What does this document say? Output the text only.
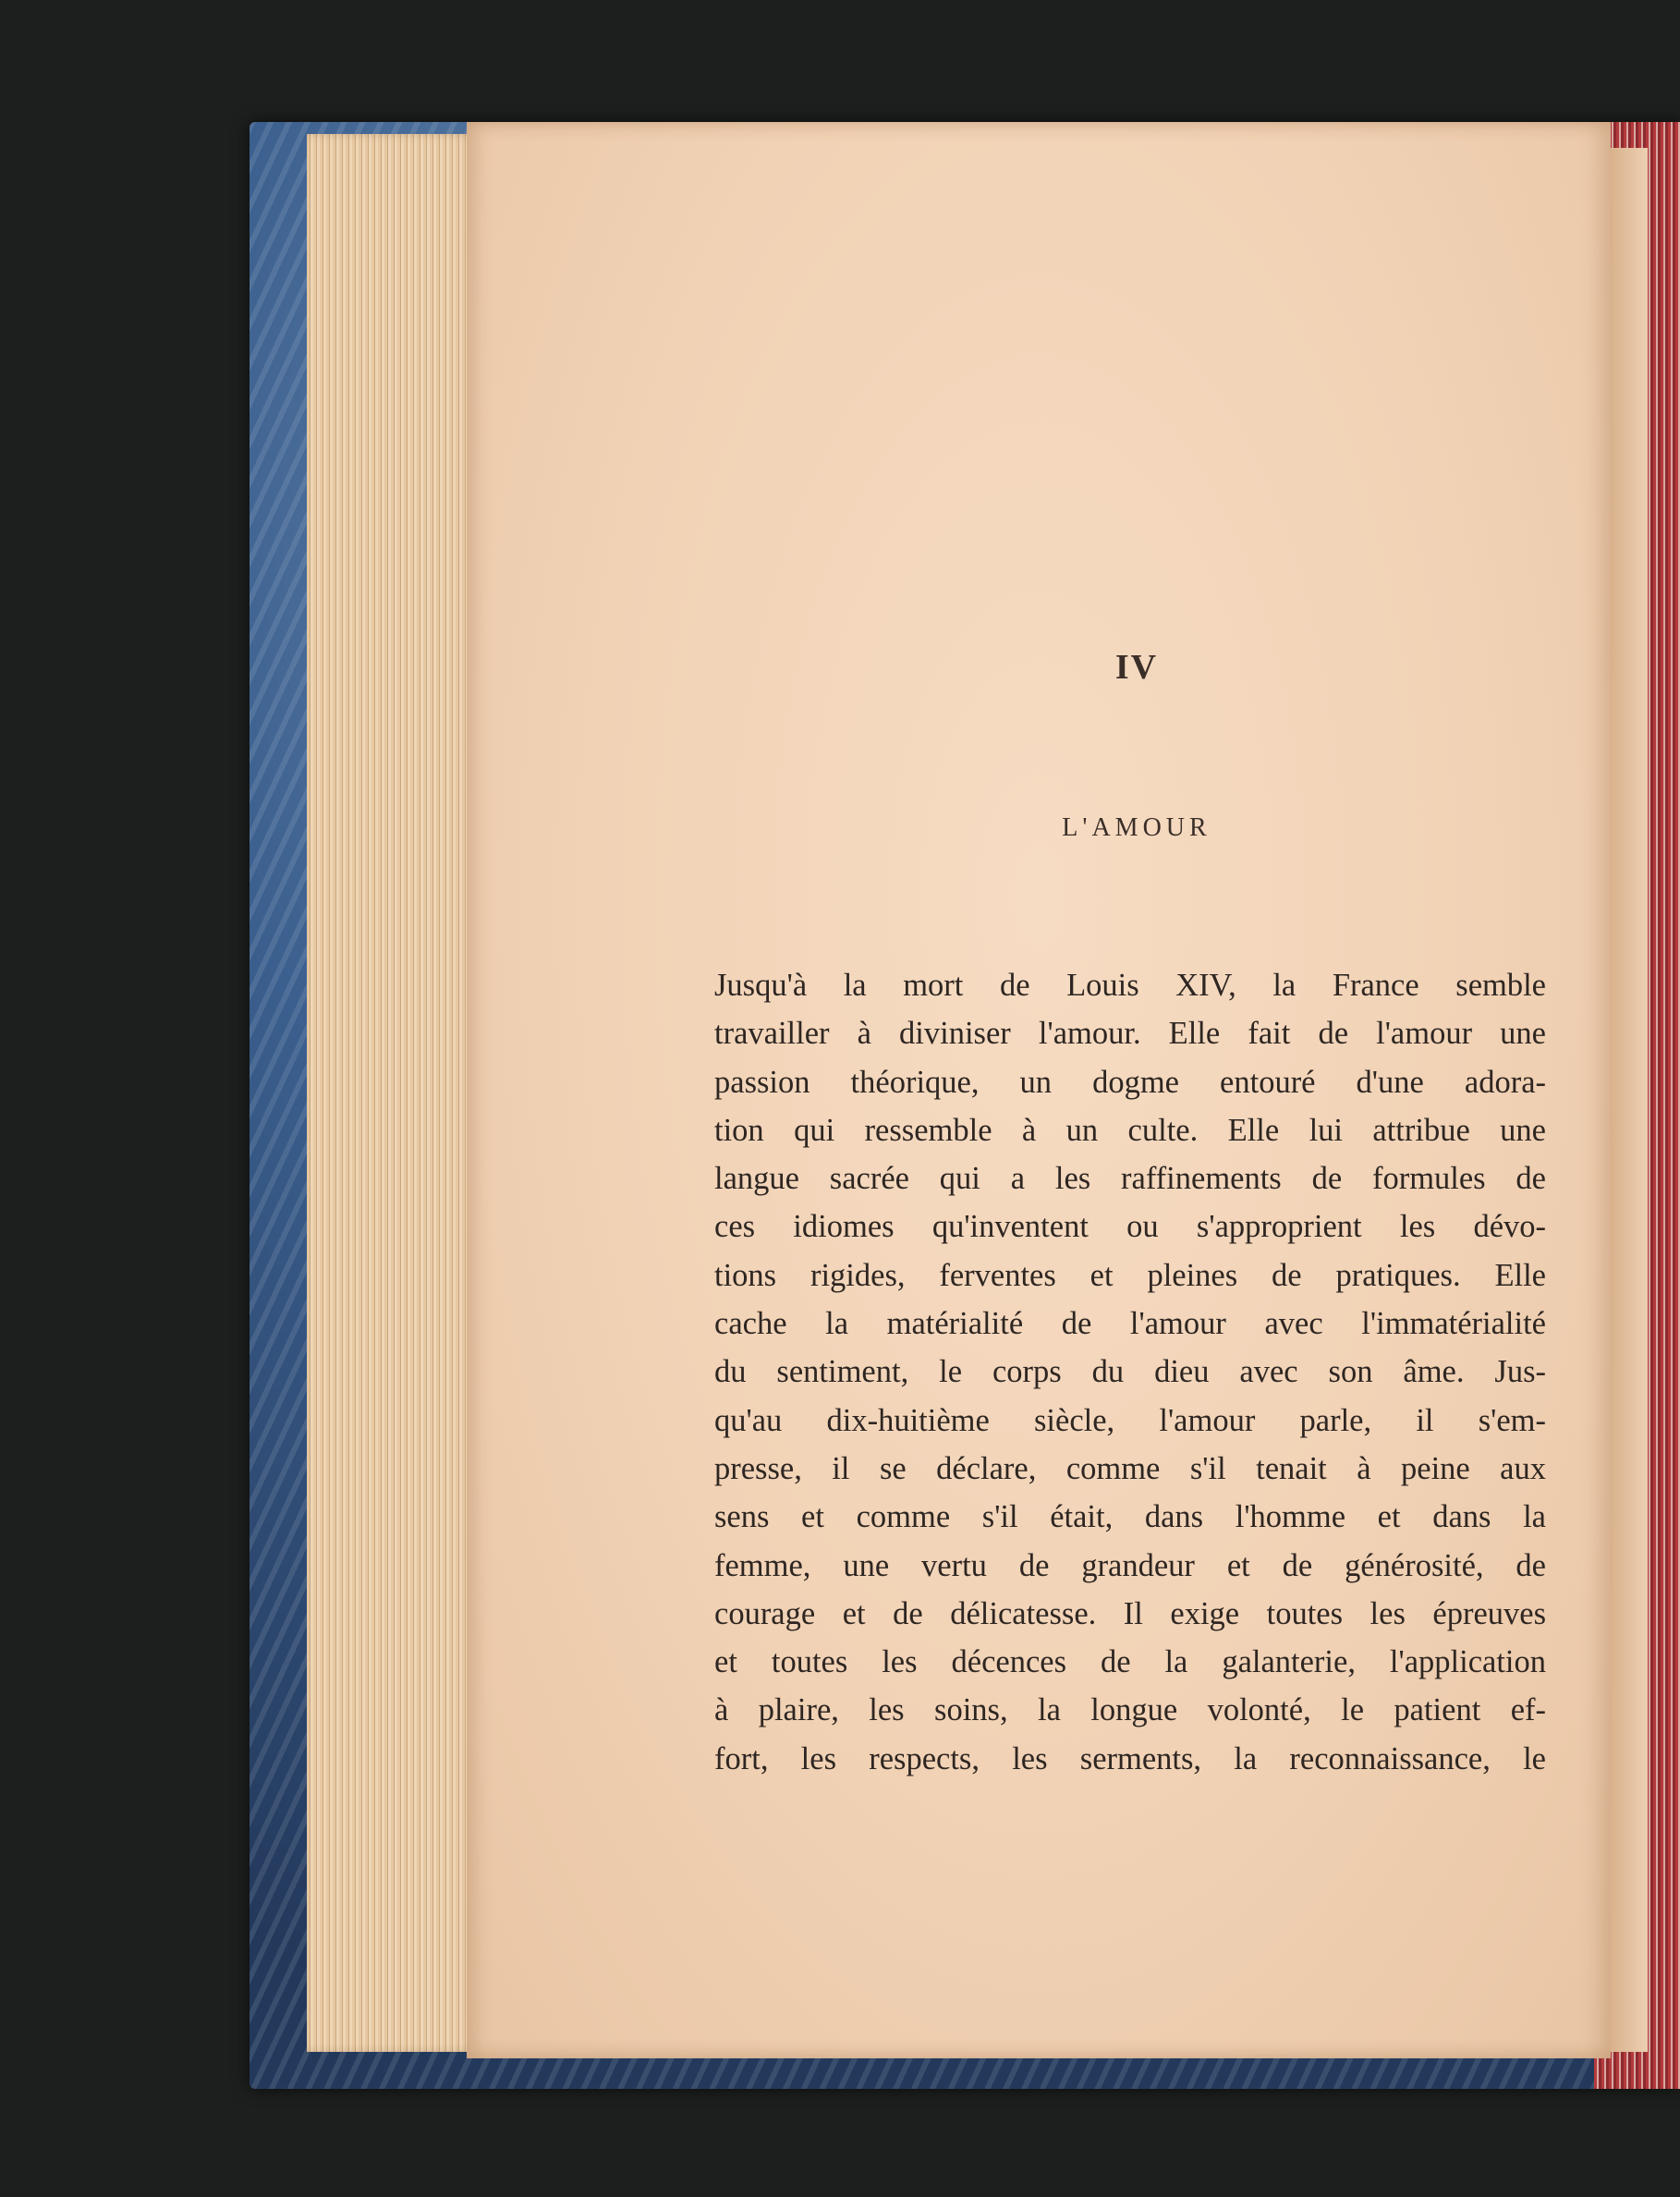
IV
L'AMOUR
Jusqu'à la mort de Louis XIV, la France semble
travailler à diviniser l'amour. Elle fait de l'amour une
passion théorique, un dogme entouré d'une adora-
tion qui ressemble à un culte. Elle lui attribue une
langue sacrée qui a les raffinements de formules de
ces idiomes qu'inventent ou s'approprient les dévo-
tions rigides, ferventes et pleines de pratiques. Elle
cache la matérialité de l'amour avec l'immatérialité
du sentiment, le corps du dieu avec son âme. Jus-
qu'au dix-huitième siècle, l'amour parle, il s'em-
presse, il se déclare, comme s'il tenait à peine aux
sens et comme s'il était, dans l'homme et dans la
femme, une vertu de grandeur et de générosité, de
courage et de délicatesse. Il exige toutes les épreuves
et toutes les décences de la galanterie, l'application
à plaire, les soins, la longue volonté, le patient ef-
fort, les respects, les serments, la reconnaissance, le
